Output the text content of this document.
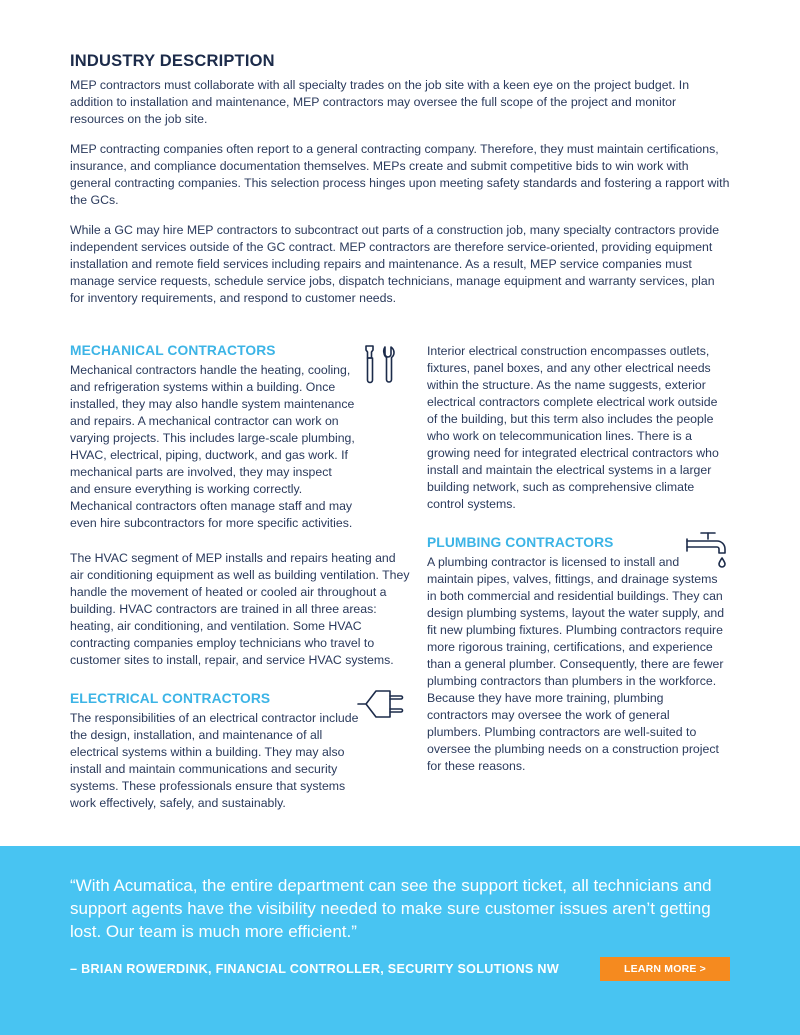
INDUSTRY DESCRIPTION

MEP contractors must collaborate with all specialty trades on the job site with a keen eye on the project budget. In addition to installation and maintenance, MEP contractors may oversee the full scope of the project and monitor resources on the job site.

MEP contracting companies often report to a general contracting company. Therefore, they must maintain certifications, insurance, and compliance documentation themselves. MEPs create and submit competitive bids to win work with general contracting companies. This selection process hinges upon meeting safety standards and fostering a rapport with the GCs.

While a GC may hire MEP contractors to subcontract out parts of a construction job, many specialty contractors provide independent services outside of the GC contract. MEP contractors are therefore service-oriented, providing equipment installation and remote field services including repairs and maintenance. As a result, MEP service companies must manage service requests, schedule service jobs, dispatch technicians, manage equipment and warranty services, plan for inventory requirements, and respond to customer needs.

MECHANICAL CONTRACTORS

Mechanical contractors handle the heating, cooling, and refrigeration systems within a building. Once installed, they may also handle system maintenance and repairs. A mechanical contractor can work on varying projects. This includes large-scale plumbing, HVAC, electrical, piping, ductwork, and gas work. If mechanical parts are involved, they may inspect and ensure everything is working correctly. Mechanical contractors often manage staff and may even hire subcontractors for more specific activities.

The HVAC segment of MEP installs and repairs heating and air conditioning equipment as well as building ventilation. They handle the movement of heated or cooled air throughout a building. HVAC contractors are trained in all three areas: heating, air conditioning, and ventilation. Some HVAC contracting companies employ technicians who travel to customer sites to install, repair, and service HVAC systems.

ELECTRICAL CONTRACTORS

The responsibilities of an electrical contractor include the design, installation, and maintenance of all electrical systems within a building. They may also install and maintain communications and security systems. These professionals ensure that systems work effectively, safely, and sustainably.

Interior electrical construction encompasses outlets, fixtures, panel boxes, and any other electrical needs within the structure. As the name suggests, exterior electrical contractors complete electrical work outside of the building, but this term also includes the people who work on telecommunication lines. There is a growing need for integrated electrical contractors who install and maintain the electrical systems in a larger building network, such as comprehensive climate control systems.

PLUMBING CONTRACTORS

A plumbing contractor is licensed to install and maintain pipes, valves, fittings, and drainage systems in both commercial and residential buildings. They can design plumbing systems, layout the water supply, and fit new plumbing fixtures. Plumbing contractors require more rigorous training, certifications, and experience than a general plumber. Consequently, there are fewer plumbing contractors than plumbers in the workforce. Because they have more training, plumbing contractors may oversee the work of general plumbers. Plumbing contractors are well-suited to oversee the plumbing needs on a construction project for these reasons.

“With Acumatica, the entire department can see the support ticket, all technicians and support agents have the visibility needed to make sure customer issues aren’t getting lost. Our team is much more efficient.”

– BRIAN ROWERDINK, FINANCIAL CONTROLLER, SECURITY SOLUTIONS NW	LEARN MORE >
